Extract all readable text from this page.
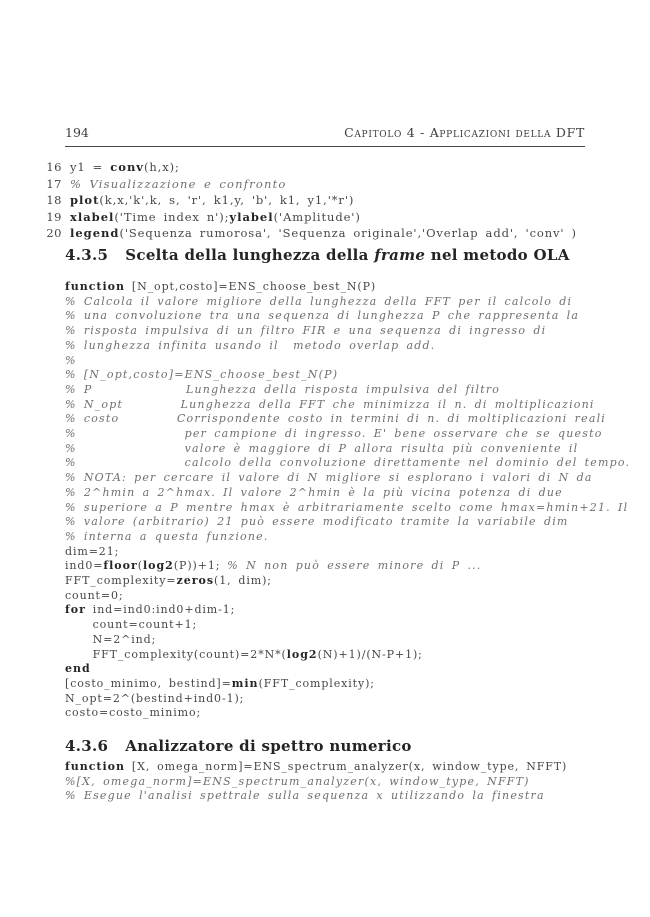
194	Capitolo 4 - Applicazioni della DFT
16 y1 = conv(h,x);
17 % Visualizzazione e confronto
18 plot(k,x,'k',k, s, 'r', k1,y, 'b', k1, y1,'*r')
19 xlabel('Time index n');ylabel('Amplitude')
20 legend('Sequenza rumorosa', 'Sequenza originale','Overlap add', 'conv' )
4.3.5 Scelta della lunghezza della frame nel metodo OLA
function [N_opt,costo]=ENS_choose_best_N(P)
% Calcola il valore migliore della lunghezza della FFT per il calcolo di
% una convoluzione tra una sequenza di lunghezza P che rappresenta la
% risposta impulsiva di un filtro FIR e una sequenza di ingresso di
% lunghezza infinita usando il  metodo overlap add.
%
% [N_opt,costo]=ENS_choose_best_N(P)
% P             Lunghezza della risposta impulsiva del filtro
% N_opt        Lunghezza della FFT che minimizza il n. di moltiplicazioni
% costo        Corrispondente costo in termini di n. di moltiplicazioni reali
%               per campione di ingresso. E' bene osservare che se questo
%               valore è maggiore di P allora risulta più conveniente il
%               calcolo della convoluzione direttamente nel dominio del tempo.
% NOTA: per cercare il valore di N migliore si esplorano i valori di N da
% 2^hmin a 2^hmax. Il valore 2^hmin è la più vicina potenza di due
% superiore a P mentre hmax è arbitrariamente scelto come hmax=hmin+21. Il
% valore (arbitrario) 21 può essere modificato tramite la variabile dim
% interna a questa funzione.
dim=21;
ind0=floor(log2(P))+1; % N non può essere minore di P ...
FFT_complexity=zeros(1, dim);
count=0;
for ind=ind0:ind0+dim-1;
count=count+1;
N=2^ind;
FFT_complexity(count)=2*N*(log2(N)+1)/(N-P+1);
end
[costo_minimo, bestind]=min(FFT_complexity);
N_opt=2^(bestind+ind0-1);
costo=costo_minimo;
4.3.6 Analizzatore di spettro numerico
function [X, omega_norm]=ENS_spectrum_analyzer(x, window_type, NFFT)
%[X, omega_norm]=ENS_spectrum_analyzer(x, window_type, NFFT)
% Esegue l'analisi spettrale sulla sequenza x utilizzando la finestra
